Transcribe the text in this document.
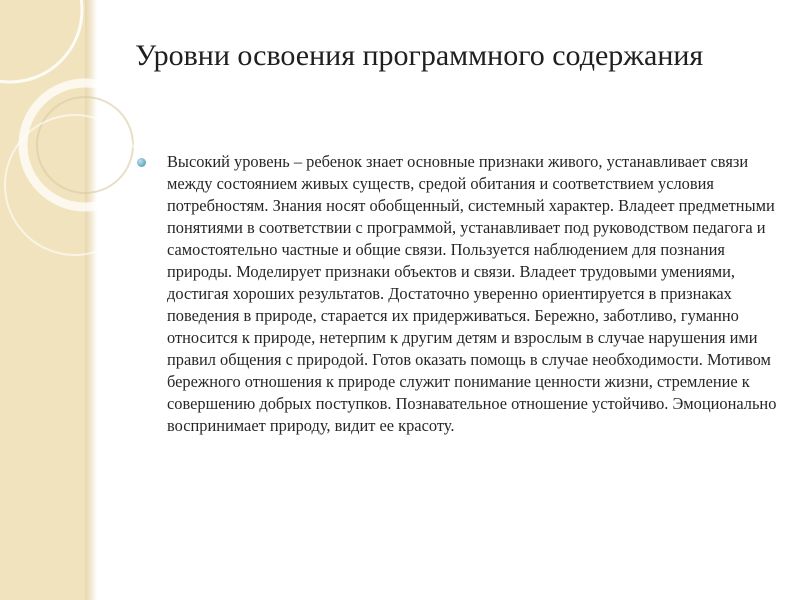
Уровни освоения программного содержания
Высокий уровень – ребенок знает основные признаки живого, устанавливает связи между состоянием живых существ, средой обитания и соответствием условия потребностям. Знания носят обобщенный, системный характер. Владеет предметными понятиями в соответствии с программой, устанавливает под руководством педагога и самостоятельно частные и общие связи. Пользуется наблюдением для познания природы. Моделирует признаки объектов и связи. Владеет трудовыми умениями, достигая хороших результатов. Достаточно уверенно ориентируется в признаках поведения в природе, старается их придерживаться. Бережно, заботливо, гуманно относится к природе, нетерпим к другим детям и взрослым в случае нарушения ими правил общения с природой. Готов оказать помощь в случае необходимости. Мотивом бережного отношения к природе служит понимание ценности жизни, стремление к совершению добрых поступков. Познавательное отношение устойчиво. Эмоционально воспринимает природу, видит ее красоту.
